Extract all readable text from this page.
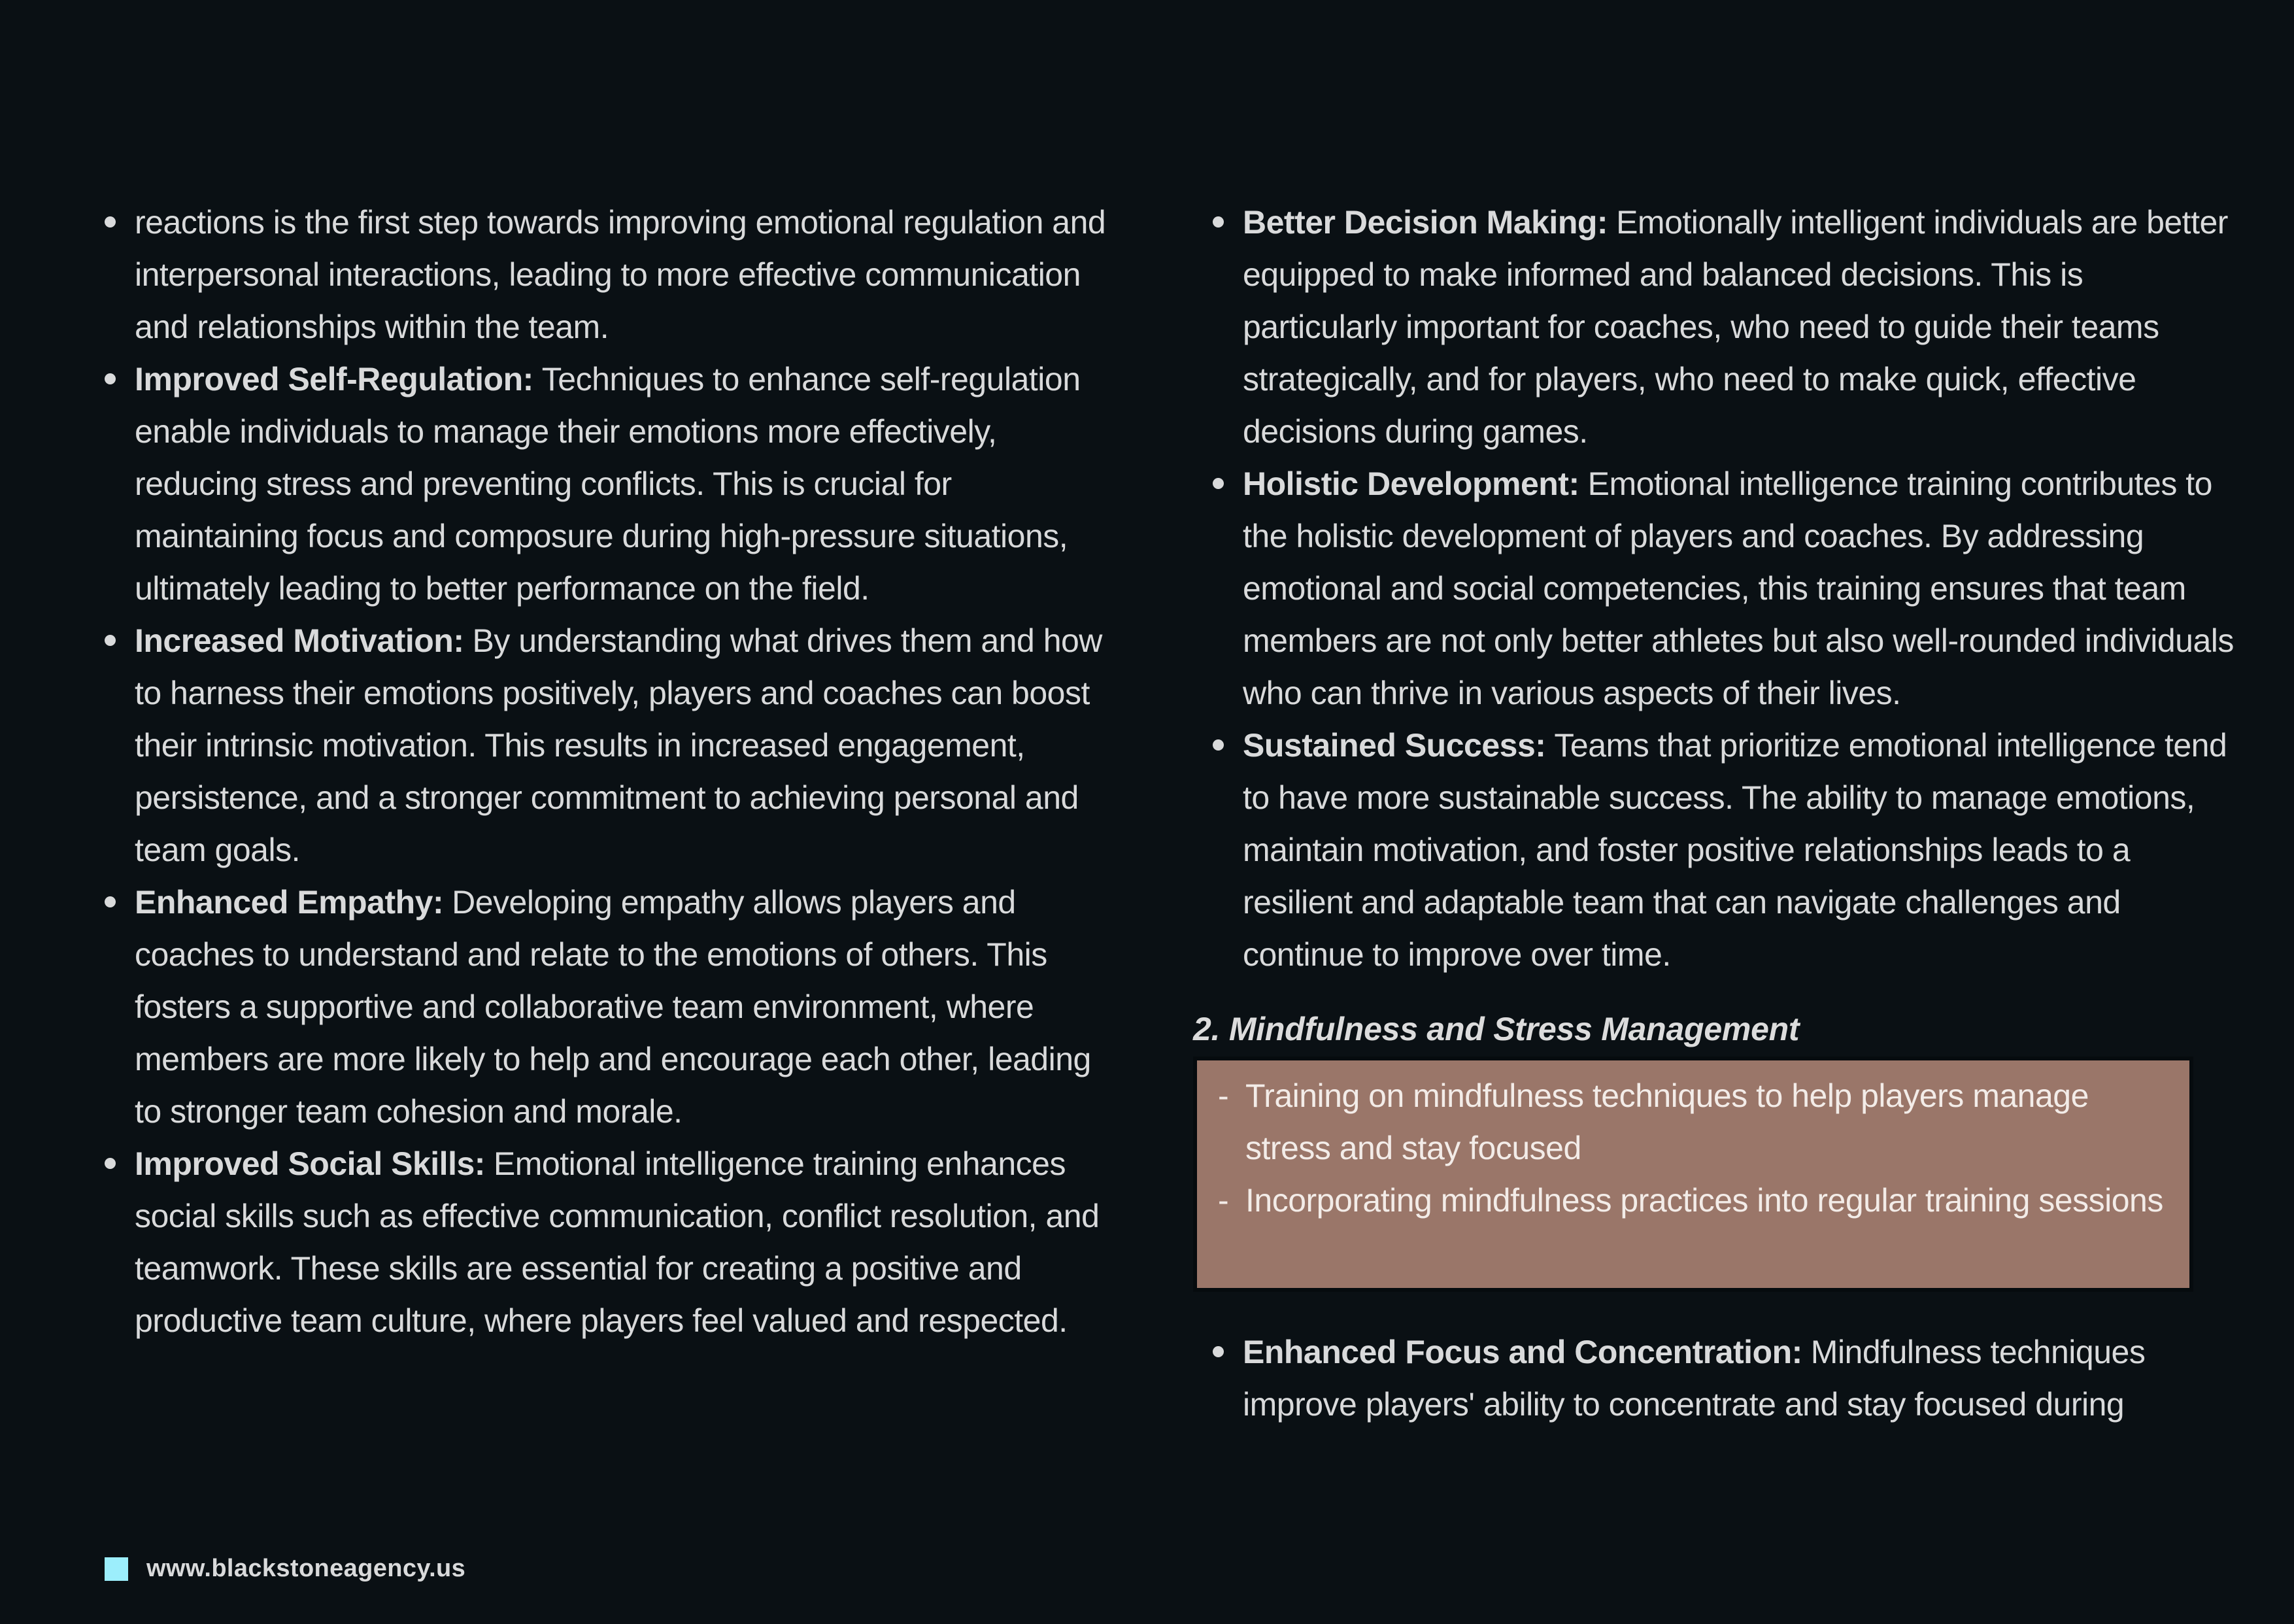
reactions is the first step towards improving emotional regulation and interpersonal interactions, leading to more effective communication and relationships within the team.

Improved Self-Regulation: Techniques to enhance self-regulation enable individuals to manage their emotions more effectively, reducing stress and preventing conflicts. This is crucial for maintaining focus and composure during high-pressure situations, ultimately leading to better performance on the field.

Increased Motivation: By understanding what drives them and how to harness their emotions positively, players and coaches can boost their intrinsic motivation. This results in increased engagement, persistence, and a stronger commitment to achieving personal and team goals.

Enhanced Empathy: Developing empathy allows players and coaches to understand and relate to the emotions of others. This fosters a supportive and collaborative team environment, where members are more likely to help and encourage each other, leading to stronger team cohesion and morale.

Improved Social Skills: Emotional intelligence training enhances social skills such as effective communication, conflict resolution, and teamwork. These skills are essential for creating a positive and productive team culture, where players feel valued and respected.

Better Decision Making: Emotionally intelligent individuals are better equipped to make informed and balanced decisions. This is particularly important for coaches, who need to guide their teams strategically, and for players, who need to make quick, effective decisions during games.

Holistic Development: Emotional intelligence training contributes to the holistic development of players and coaches. By addressing emotional and social competencies, this training ensures that team members are not only better athletes but also well-rounded individuals who can thrive in various aspects of their lives.

Sustained Success: Teams that prioritize emotional intelligence tend to have more sustainable success. The ability to manage emotions, maintain motivation, and foster positive relationships leads to a resilient and adaptable team that can navigate challenges and continue to improve over time.

2. Mindfulness and Stress Management
- Training on mindfulness techniques to help players manage stress and stay focused

- Incorporating mindfulness practices into regular training sessions

Enhanced Focus and Concentration: Mindfulness techniques improve players' ability to concentrate and stay focused during

www.blackstoneagency.us
